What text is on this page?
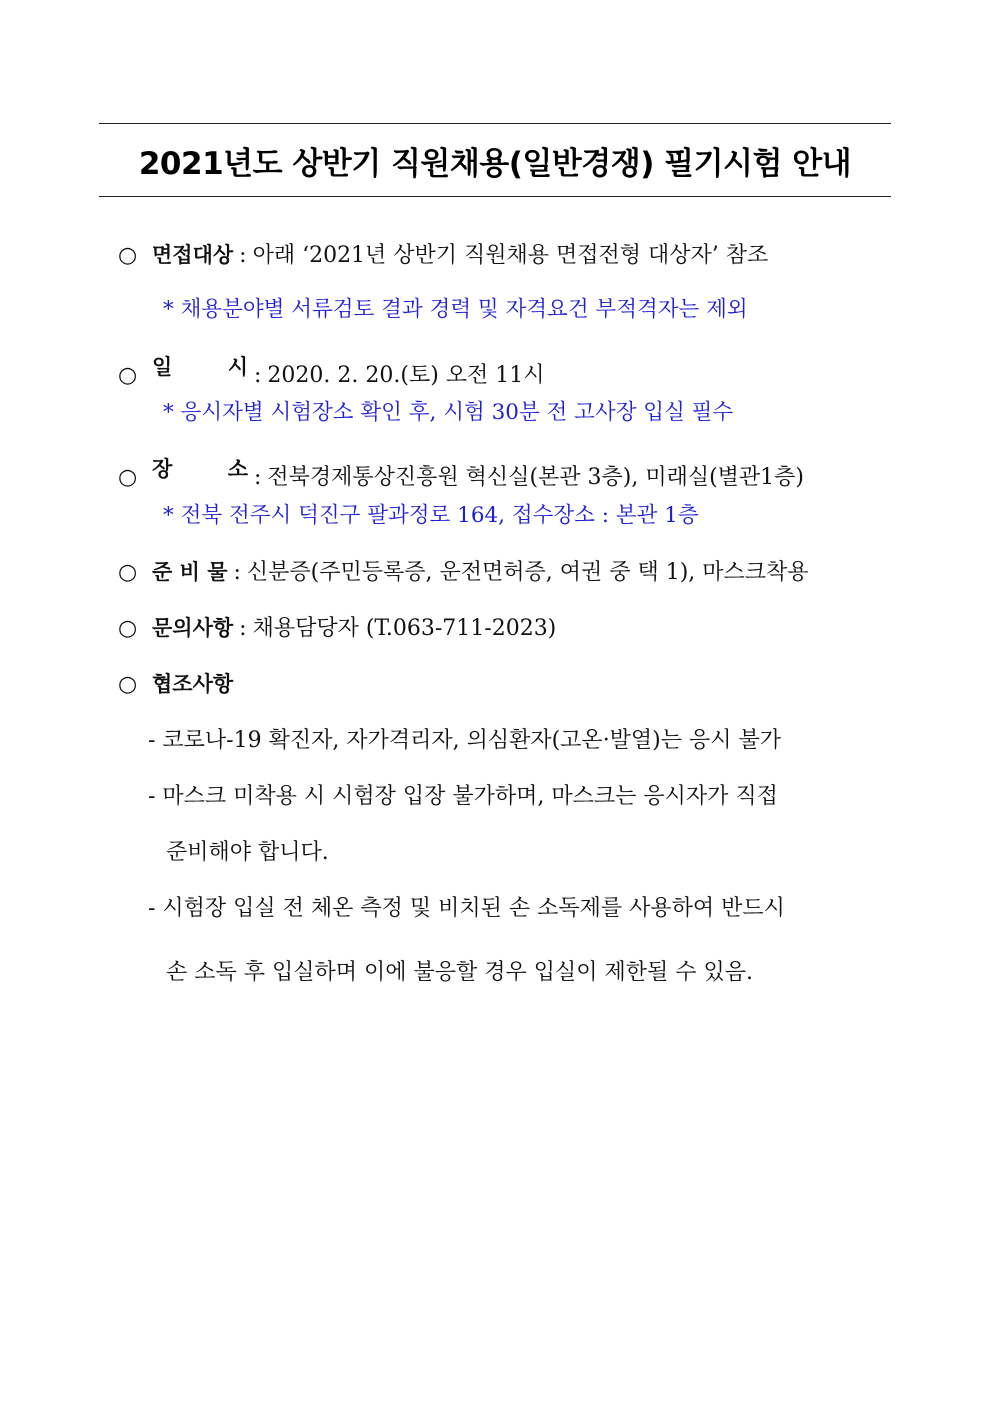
2021년도 상반기 직원채용(일반경쟁) 필기시험 안내
○ 면접대상 : 아래 ‘2021년 상반기 직원채용 면접전형 대상자’ 참조
* 채용분야별 서류검토 결과 경력 및 자격요건 부적격자는 제외
○ 일	시 : 2020. 2. 20.(토) 오전 11시
* 응시자별 시험장소 확인 후, 시험 30분 전 고사장 입실 필수
○ 장	소 : 전북경제통상진흥원 혁신실(본관 3층), 미래실(별관1층)
* 전북 전주시 덕진구 팔과정로 164, 접수장소 : 본관 1층
○ 준 비 물 : 신분증(주민등록증, 운전면허증, 여권 중 택 1), 마스크착용
○ 문의사항 : 채용담당자 (T.063-711-2023)
○ 협조사항
- 코로나-19 확진자, 자가격리자, 의심환자(고온·발열)는 응시 불가
- 마스크 미착용 시 시험장 입장 불가하며, 마스크는 응시자가 직접
준비해야 합니다.
- 시험장 입실 전 체온 측정 및 비치된 손 소독제를 사용하여 반드시
손 소독 후 입실하며 이에 불응할 경우 입실이 제한될 수 있음.
